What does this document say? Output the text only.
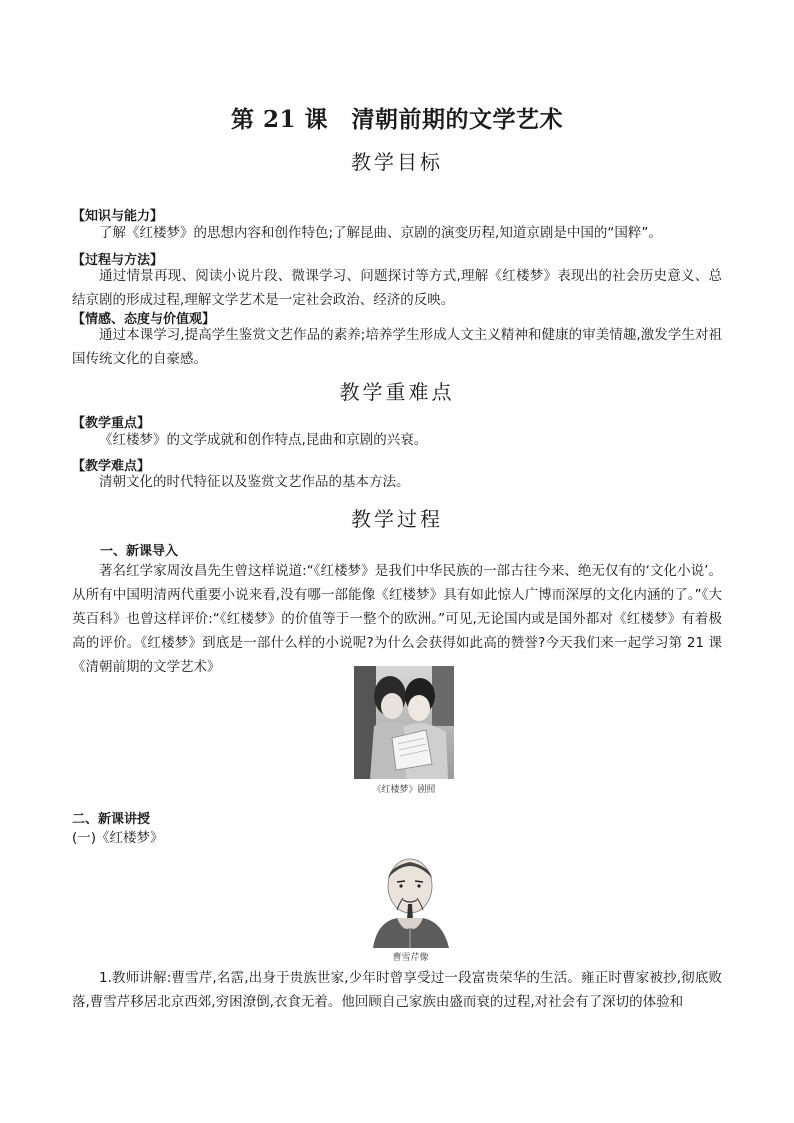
第 21 课　清朝前期的文学艺术
教学目标
【知识与能力】
了解《红楼梦》的思想内容和创作特色;了解昆曲、京剧的演变历程,知道京剧是中国的“国粹”。
【过程与方法】
通过情景再现、阅读小说片段、微课学习、问题探讨等方式,理解《红楼梦》表现出的社会历史意义、总结京剧的形成过程,理解文学艺术是一定社会政治、经济的反映。
【情感、态度与价值观】
通过本课学习,提高学生鉴赏文艺作品的素养;培养学生形成人文主义精神和健康的审美情趣,激发学生对祖国传统文化的自豪感。
教学重难点
【教学重点】
《红楼梦》的文学成就和创作特点,昆曲和京剧的兴衰。
【教学难点】
清朝文化的时代特征以及鉴赏文艺作品的基本方法。
教学过程
一、新课导入
著名红学家周汝昌先生曾这样说道:“《红楼梦》是我们中华民族的一部古往今来、绝无仅有的‘文化小说’。从所有中国明清两代重要小说来看,没有哪一部能像《红楼梦》具有如此惊人广博而深厚的文化内涵的了。”《大英百科》也曾这样评价:“《红楼梦》的价值等于一整个的欧洲。”可见,无论国内或是国外都对《红楼梦》有着极高的评价。《红楼梦》到底是一部什么样的小说呢?为什么会获得如此高的赞誉?今天我们来一起学习第 21 课《清朝前期的文学艺术》
《红楼梦》剧照
二、新课讲授
(一)《红楼梦》
曹雪芹像
1.教师讲解:曹雪芹,名霑,出身于贵族世家,少年时曾享受过一段富贵荣华的生活。雍正时曹家被抄,彻底败落,曹雪芹移居北京西郊,穷困潦倒,衣食无着。他回顾自己家族由盛而衰的过程,对社会有了深切的体验和
